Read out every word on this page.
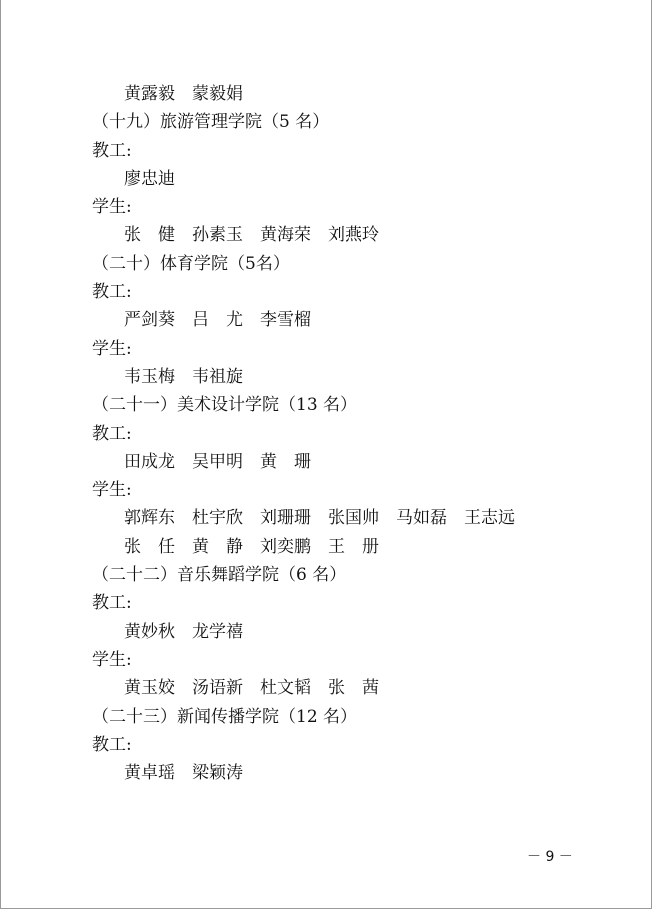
黄露毅　蒙毅娟
（十九）旅游管理学院（5 名）
教工:
廖忠迪
学生:
张　健　孙素玉　黄海荣　刘燕玲
（二十）体育学院（5名）
教工:
严剑葵　吕　尤　李雪榴
学生:
韦玉梅　韦祖旋
（二十一）美术设计学院（13 名）
教工:
田成龙　吴甲明　黄　珊
学生:
郭辉东　杜宇欣　刘珊珊　张国帅　马如磊　王志远
张　任　黄　静　刘奕鹏　王　册
（二十二）音乐舞蹈学院（6 名）
教工:
黄妙秋　龙学禧
学生:
黄玉姣　汤语新　杜文韬　张　茜
（二十三）新闻传播学院（12 名）
教工:
黄卓瑶　梁颖涛
－ 9 －
